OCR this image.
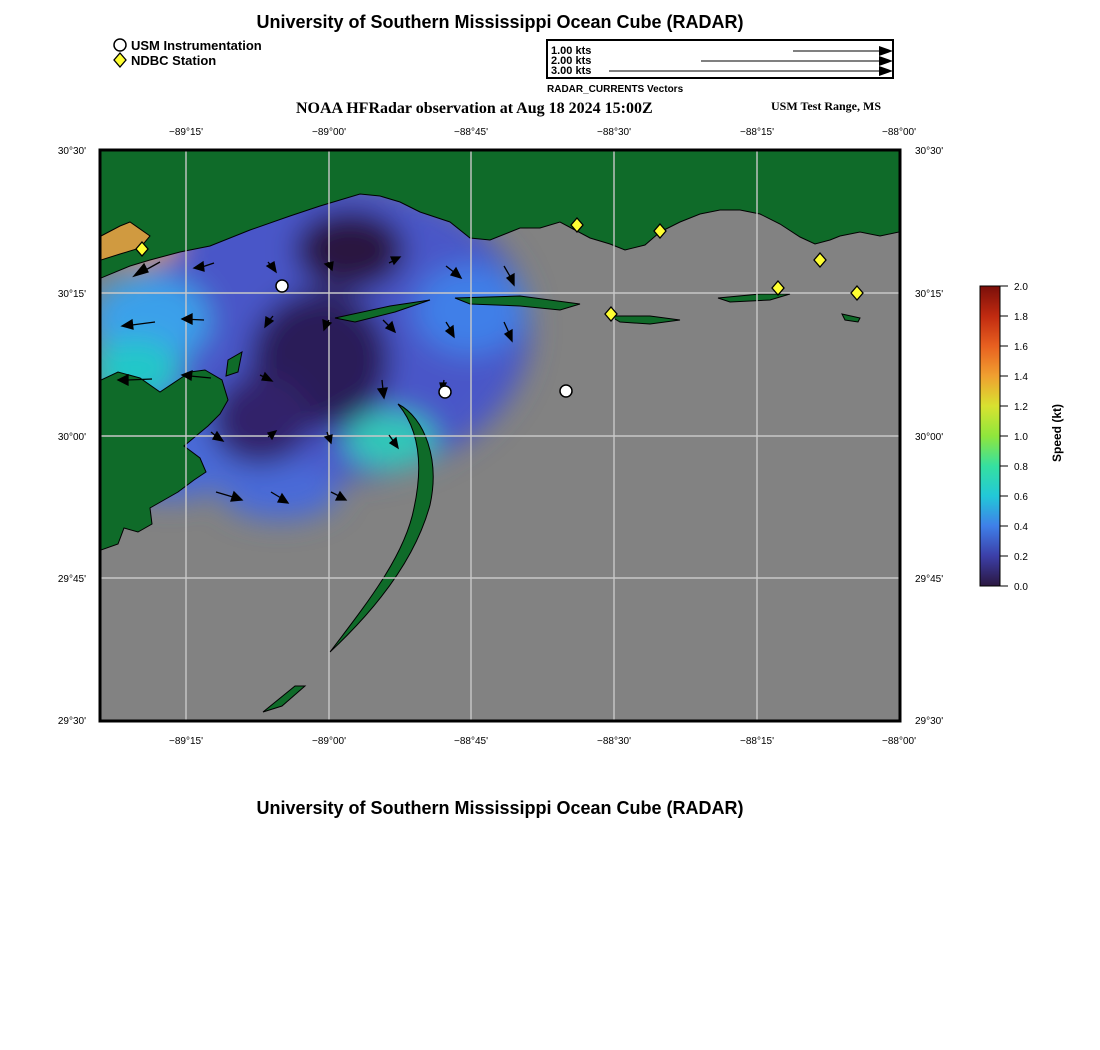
University of Southern Mississippi Ocean Cube (RADAR)
USM Instrumentation
NDBC Station
1.00 kts
2.00 kts
3.00 kts
RADAR_CURRENTS Vectors
NOAA HFRadar observation at Aug 18 2024 15:00Z	USM Test Range, MS
−89°15'	−89°00'	−88°45'	−88°30'	−88°15'	−88°00'
−89°15'	−89°00'	−88°45'	−88°30'	−88°15'	−88°00'
30°30'
30°15'
30°00'
29°45'
29°30'
30°30'
30°15'
30°00'
29°45'
29°30'
2.0
1.8
1.6
1.4
1.2
1.0
0.8
0.6
0.4
0.2
0.0
Speed (kt)
University of Southern Mississippi Ocean Cube (RADAR)
